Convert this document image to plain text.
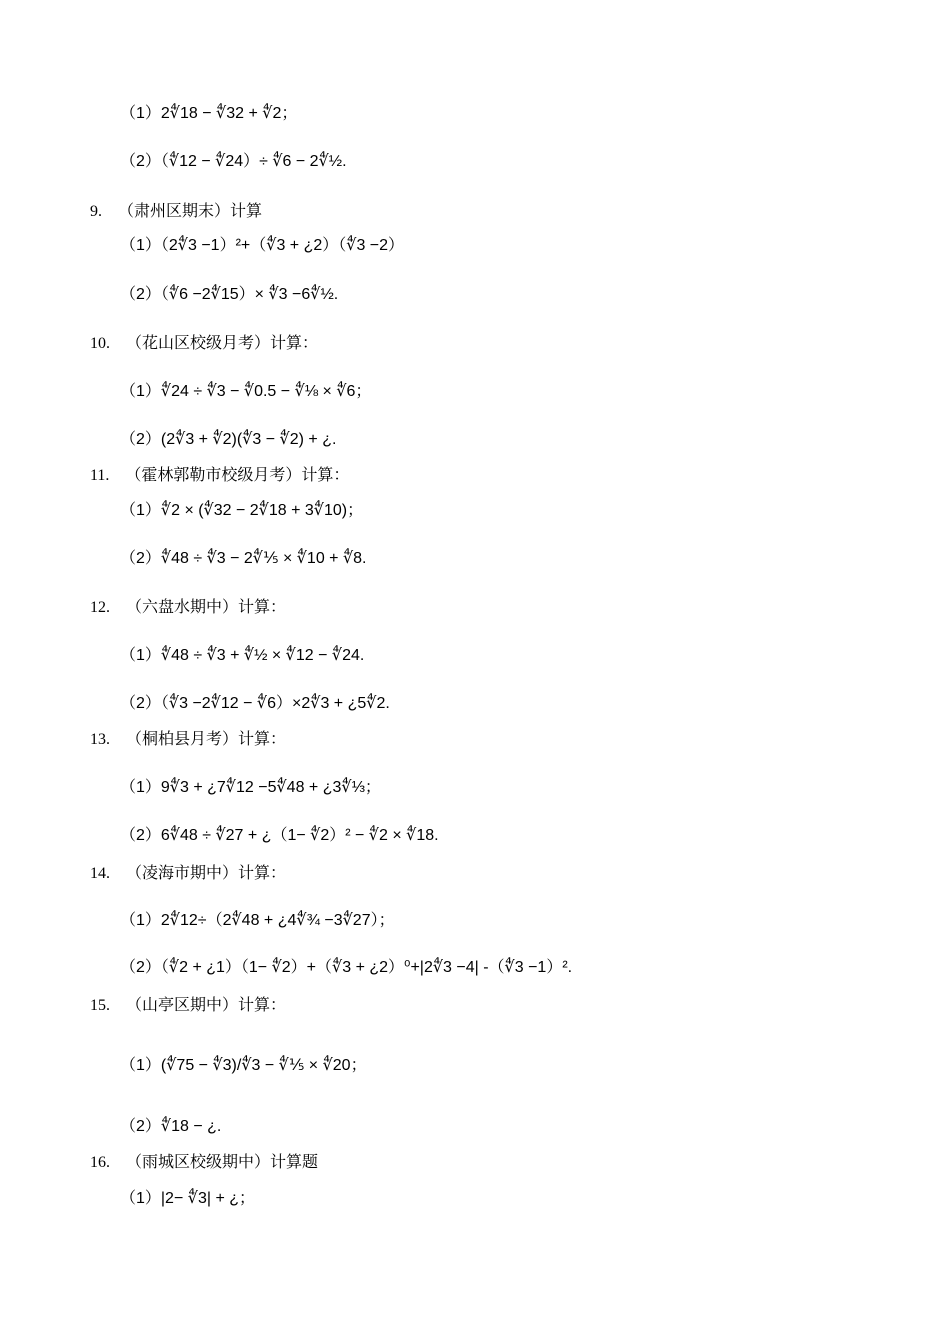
（1）2∜18 − ∜32 + ∜2；
（2）（∜12 − ∜24）÷ ∜6 − 2∜½.
9. （肃州区期末）计算
（1）（2∜3 −1）²+（∜3 + ¿2）（∜3 −2）
（2）（∜6 −2∜15）× ∜3 −6∜½.
10. （花山区校级月考）计算：
（1）∜24 ÷ ∜3 − ∜0.5 − ∜⅛ × ∜6；
（2）(2∜3 + ∜2)(∜3 − ∜2) + ¿.
11. （霍林郭勒市校级月考）计算：
（1）∜2 × (∜32 − 2∜18 + 3∜10)；
（2）∜48 ÷ ∜3 − 2∜⅕ × ∜10 + ∜8.
12. （六盘水期中）计算：
（1）∜48 ÷ ∜3 + ∜½ × ∜12 − ∜24.
（2）（∜3 −2∜12 − ∜6）×2∜3 + ¿5∜2.
13. （桐柏县月考）计算：
（1）9∜3 + ¿7∜12 −5∜48 + ¿3∜⅓；
（2）6∜48 ÷ ∜27 + ¿（1− ∜2）² − ∜2 × ∜18.
14. （凌海市期中）计算：
（1）2∜12÷（2∜48 + ¿4∜¾ −3∜27）；
（2）（∜2 + ¿1）（1− ∜2）+（∜3 + ¿2）⁰+|2∜3 −4| -（∜3 −1）².
15. （山亭区期中）计算：
（1）(∜75 − ∜3)/∜3 − ∜⅕ × ∜20；
（2）∜18 − ¿.
16. （雨城区校级期中）计算题
（1）|2− ∜3| + ¿；
